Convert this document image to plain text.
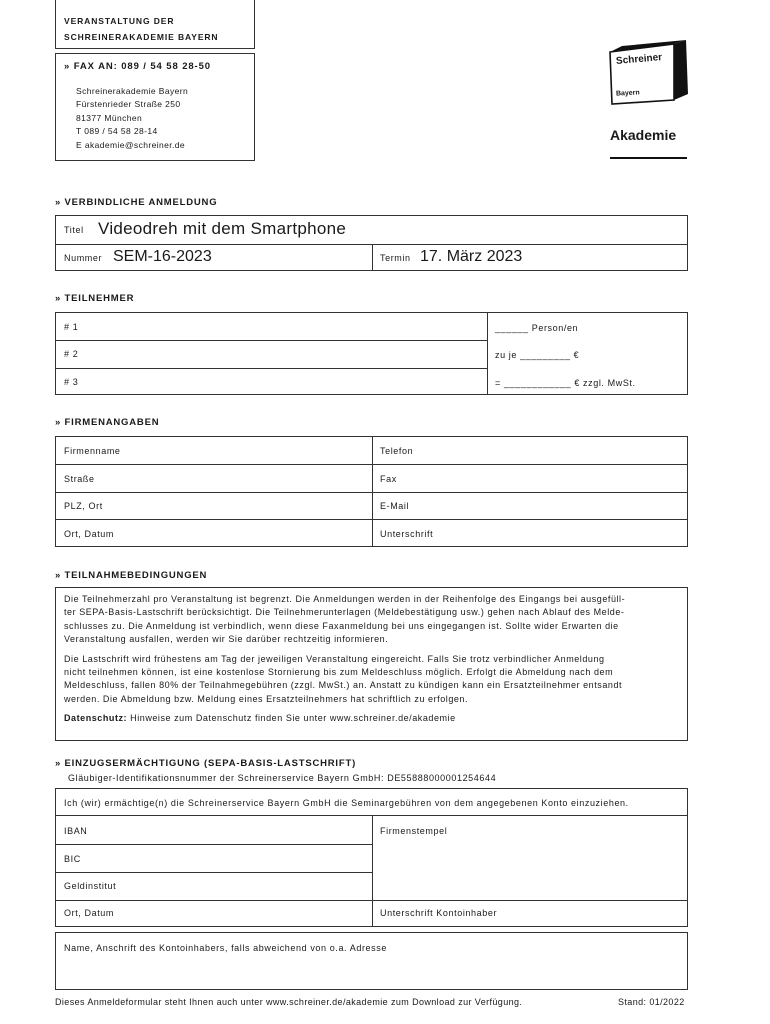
VERANSTALTUNG DER
SCHREINERAKADEMIE BAYERN
» FAX AN: 089 / 54 58 28-50
Schreinerakademie Bayern
Fürstenrieder Straße 250
81377 München
T 089 / 54 58 28-14
E akademie@schreiner.de
Schreiner
Bayern
Akademie
» VERBINDLICHE ANMELDUNG
Titel Videodreh mit dem Smartphone
Nummer SEM-16-2023	Termin 17. März 2023
» TEILNEHMER
# 1
# 2
# 3
______ Person/en
zu je _________ €
= ____________ € zzgl. MwSt.
» FIRMENANGABEN
Firmenname
Straße
PLZ, Ort
Ort, Datum
Telefon
Fax
E-Mail
Unterschrift
» TEILNAHMEBEDINGUNGEN

Die Teilnehmerzahl pro Veranstaltung ist begrenzt. Die Anmeldungen werden in der Reihenfolge des Eingangs bei ausgefüll-

ter SEPA-Basis-Lastschrift berücksichtigt. Die Teilnehmerunterlagen (Meldebestätigung usw.) gehen nach Ablauf des Melde-

schlusses zu. Die Anmeldung ist verbindlich, wenn diese Faxanmeldung bei uns eingegangen ist. Sollte wider Erwarten die

Veranstaltung ausfallen, werden wir Sie darüber rechtzeitig informieren.

Die Lastschrift wird frühestens am Tag der jeweiligen Veranstaltung eingereicht. Falls Sie trotz verbindlicher Anmeldung

nicht teilnehmen können, ist eine kostenlose Stornierung bis zum Meldeschluss möglich. Erfolgt die Abmeldung nach dem

Meldeschluss, fallen 80% der Teilnahmegebühren (zzgl. MwSt.) an. Anstatt zu kündigen kann ein Ersatzteilnehmer entsandt

werden. Die Abmeldung bzw. Meldung eines Ersatzteilnehmers hat schriftlich zu erfolgen.

Datenschutz: Hinweise zum Datenschutz finden Sie unter www.schreiner.de/akademie

» EINZUGSERMÄCHTIGUNG (SEPA-BASIS-LASTSCHRIFT)
Gläubiger-Identifikationsnummer der Schreinerservice Bayern GmbH: DE55888000001254644
Ich (wir) ermächtige(n) die Schreinerservice Bayern GmbH die Seminargebühren von dem angegebenen Konto einzuziehen.
IBAN
BIC
Geldinstitut
Ort, Datum
Firmenstempel
Unterschrift Kontoinhaber
Name, Anschrift des Kontoinhabers, falls abweichend von o.a. Adresse
Dieses Anmeldeformular steht Ihnen auch unter www.schreiner.de/akademie zum Download zur Verfügung.	Stand: 01/2022
